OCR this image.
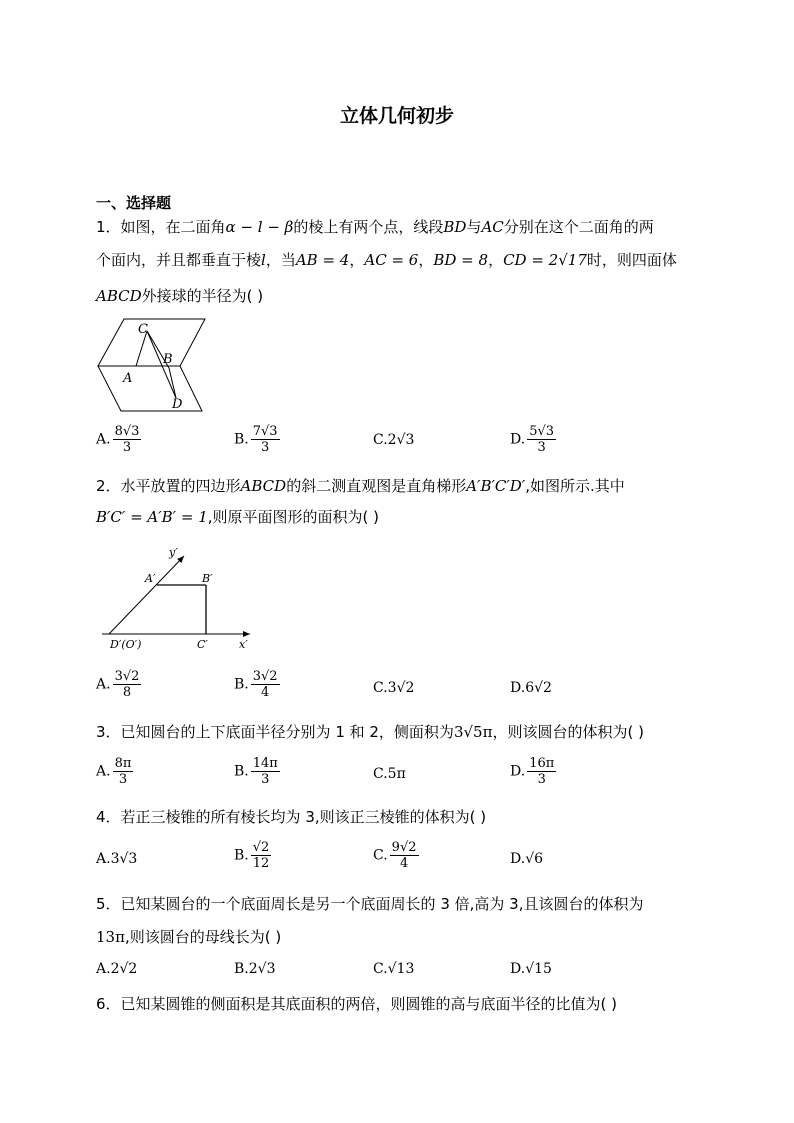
立体几何初步
一、选择题
1．如图，在二面角α − l − β的棱上有两个点，线段BD与AC分别在这个二面角的两
个面内，并且都垂直于棱l，当AB = 4，AC = 6，BD = 8，CD = 2√17时，则四面体
ABCD外接球的半径为( )
C
B
A
D
A. $\frac{8√3}{3}$	B. $\frac{7√3}{3}$	C.2√3	D. $\frac{5√3}{3}$
2．水平放置的四边形ABCD的斜二测直观图是直角梯形A′B′C′D′,如图所示.其中
B′C′ = A′B′ = 1,则原平面图形的面积为( )
y′
A′	B′
D′(O′)	C′	x′
A. $\frac{3√2}{8}$	B. $\frac{3√2}{4}$	C.3√2	D.6√2
3．已知圆台的上下底面半径分别为 1 和 2，侧面积为3√5π，则该圆台的体积为( )
A. $\frac{8\pi}{3}$	B. $\frac{14\pi}{3}$	C.5π	D. $\frac{16\pi}{3}$
4．若正三棱锥的所有棱长均为 3,则该正三棱锥的体积为( )
A.3√3	B. $\frac{√2}{12}$	C. $\frac{9√2}{4}$	D.√6
5．已知某圆台的一个底面周长是另一个底面周长的 3 倍,高为 3,且该圆台的体积为
13π,则该圆台的母线长为( )
A.2√2	B.2√3	C.√13	D.√15
6．已知某圆锥的侧面积是其底面积的两倍，则圆锥的高与底面半径的比值为( )
